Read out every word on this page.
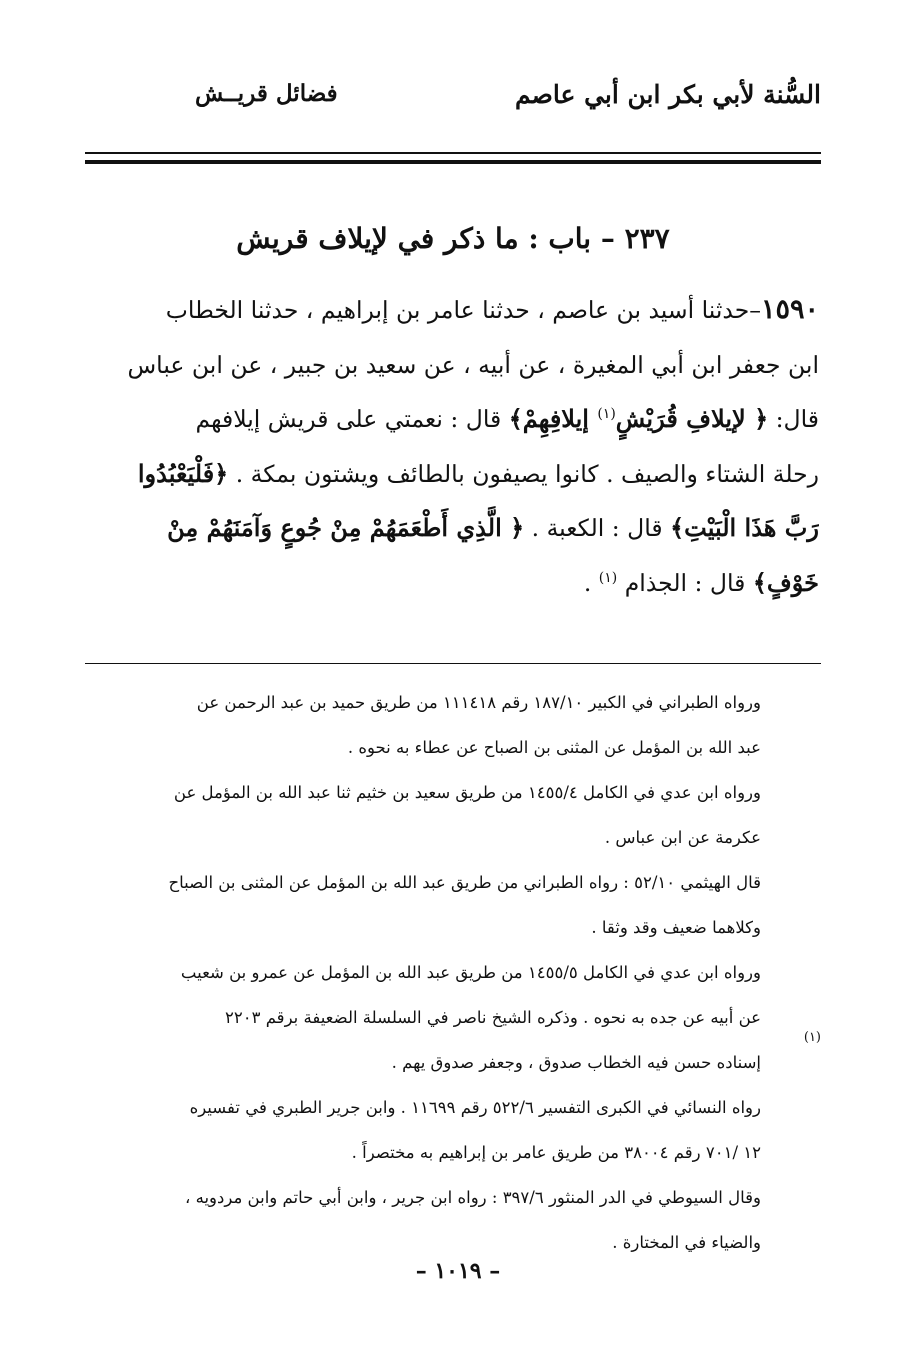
السُّنة لأبي بكر ابن أبي عاصم
فضائل قريــش
٢٣٧ – باب : ما ذكر في لإيلاف قريش
١٥٩٠–حدثنا أسيد بن عاصم ، حدثنا عامر بن إبراهيم ، حدثنا الخطاب
ابن جعفر ابن أبي المغيرة ، عن أبيه ، عن سعيد بن جبير ، عن ابن عباس
قال: ﴿ لإيلافِ قُرَيْشٍ$^{(١)}$ إيلافِهِمْ﴾ قال : نعمتي على قريش إيلافهم
رحلة الشتاء والصيف . كانوا يصيفون بالطائف ويشتون بمكة . ﴿فَلْيَعْبُدُوا
رَبَّ هَذَا الْبَيْتِ﴾ قال : الكعبة . ﴿ الَّذِي أَطْعَمَهُمْ مِنْ جُوعٍ وَآمَنَهُمْ مِنْ
خَوْفٍ﴾ قال : الجذام $^{(١)}$ .
(١)
ورواه الطبراني في الكبير ١٨٧/١٠ رقم ١١١٤١٨ من طريق حميد بن عبد الرحمن عن
عبد الله بن المؤمل عن المثنى بن الصباح عن عطاء به نحوه .
ورواه ابن عدي في الكامل ١٤٥٥/٤ من طريق سعيد بن خثيم ثنا عبد الله بن المؤمل عن
عكرمة عن ابن عباس .
قال الهيثمي ٥٢/١٠ : رواه الطبراني من طريق عبد الله بن المؤمل عن المثنى بن الصباح
وكلاهما ضعيف وقد وثقا .
ورواه ابن عدي في الكامل ١٤٥٥/٥ من طريق عبد الله بن المؤمل عن عمرو بن شعيب
عن أبيه عن جده به نحوه . وذكره الشيخ ناصر في السلسلة الضعيفة برقم ٢٢٠٣
إسناده حسن فيه الخطاب صدوق ، وجعفر صدوق يهم .
رواه النسائي في الكبرى التفسير ٥٢٢/٦ رقم ١١٦٩٩ . وابن جرير الطبري في تفسيره
١٢ /٧٠١ رقم ٣٨٠٠٤ من طريق عامر بن إبراهيم به مختصراً .
وقال السيوطي في الدر المنثور ٣٩٧/٦ : رواه ابن جرير ، وابن أبي حاتم وابن مردويه ،
والضياء في المختارة .
– ١٠١٩ –
